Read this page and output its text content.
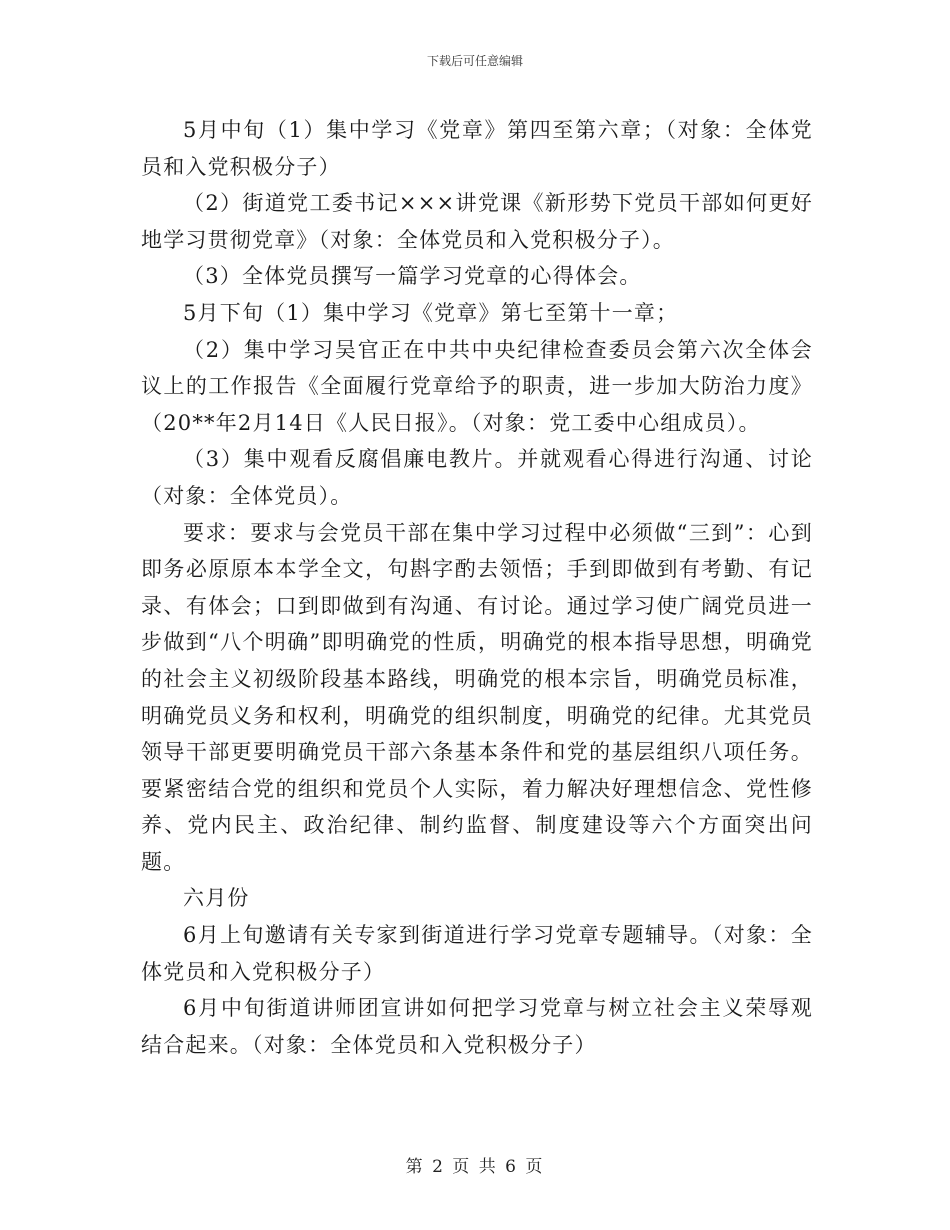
下载后可任意编辑

5月中旬（1）集中学习《党章》第四至第六章；（对象：全体党员和入党积极分子）

（2）街道党工委书记×××讲党课《新形势下党员干部如何更好地学习贯彻党章》（对象：全体党员和入党积极分子）。

（3）全体党员撰写一篇学习党章的心得体会。

5月下旬（1）集中学习《党章》第七至第十一章；

（2）集中学习吴官正在中共中央纪律检查委员会第六次全体会议上的工作报告《全面履行党章给予的职责，进一步加大防治力度》（20**年2月14日《人民日报》。（对象：党工委中心组成员）。

（3）集中观看反腐倡廉电教片。并就观看心得进行沟通、讨论（对象：全体党员）。

要求：要求与会党员干部在集中学习过程中必须做“三到”：心到即务必原原本本学全文，句斟字酌去领悟；手到即做到有考勤、有记录、有体会；口到即做到有沟通、有讨论。通过学习使广阔党员进一步做到“八个明确”即明确党的性质，明确党的根本指导思想，明确党的社会主义初级阶段基本路线，明确党的根本宗旨，明确党员标准，明确党员义务和权利，明确党的组织制度，明确党的纪律。尤其党员领导干部更要明确党员干部六条基本条件和党的基层组织八项任务。要紧密结合党的组织和党员个人实际，着力解决好理想信念、党性修养、党内民主、政治纪律、制约监督、制度建设等六个方面突出问题。

六月份

6月上旬邀请有关专家到街道进行学习党章专题辅导。（对象：全体党员和入党积极分子）

6月中旬街道讲师团宣讲如何把学习党章与树立社会主义荣辱观结合起来。（对象：全体党员和入党积极分子）

第 2 页 共 6 页
